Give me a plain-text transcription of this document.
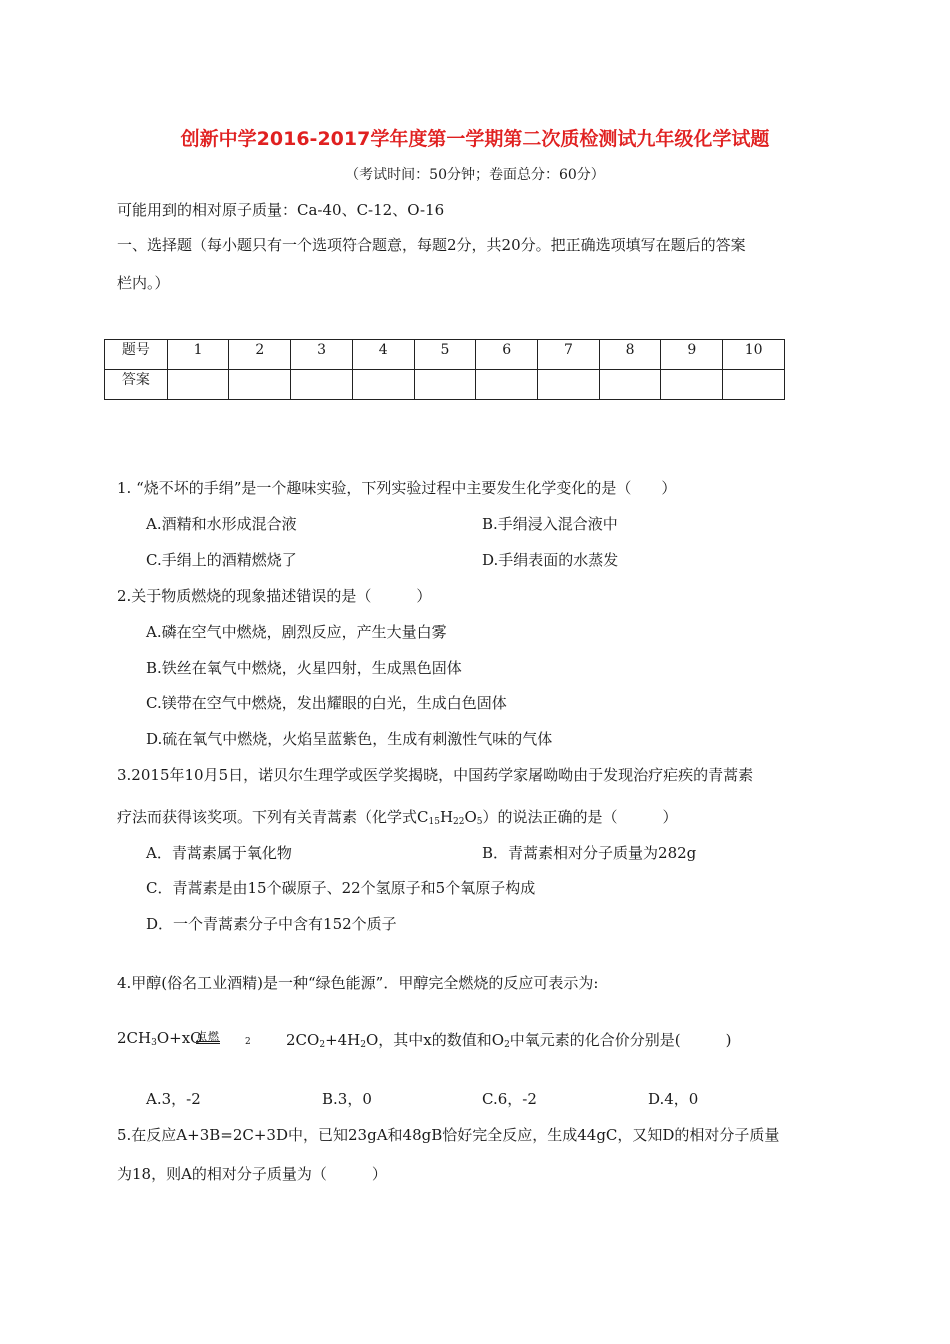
创新中学2016-2017学年度第一学期第二次质检测试九年级化学试题
（考试时间：50分钟；卷面总分：60分）
可能用到的相对原子质量：Ca-40、C-12、O-16
一、选择题（每小题只有一个选项符合题意，每题2分，共20分。把正确选项填写在题后的答案
栏内。）
题号	1	2	3	4	5	6	7	8	9	10
答案										
1. “烧不坏的手绢”是一个趣味实验，下列实验过程中主要发生化学变化的是（　　）
A.酒精和水形成混合液	B.手绢浸入混合液中
C.手绢上的酒精燃烧了	D.手绢表面的水蒸发
2.关于物质燃烧的现象描述错误的是（　　　）
A.磷在空气中燃烧，剧烈反应，产生大量白雾
B.铁丝在氧气中燃烧，火星四射，生成黑色固体
C.镁带在空气中燃烧，发出耀眼的白光，生成白色固体
D.硫在氧气中燃烧，火焰呈蓝紫色，生成有刺激性气味的气体
3.2015年10月5日，诺贝尔生理学或医学奖揭晓，中国药学家屠呦呦由于发现治疗疟疾的青蒿素
疗法而获得该奖项。下列有关青蒿素（化学式$C_{15}H_{22}O_5$）的说法正确的是（　　　）
A．青蒿素属于氧化物	B．青蒿素相对分子质量为282g
C．青蒿素是由15个碳原子、22个氢原子和5个氧原子构成
D．一个青蒿素分子中含有152个质子
4.甲醇(俗名工业酒精)是一种“绿色能源”．甲醇完全燃烧的反应可表示为:
$2CH_3O+xO$
点燃	2 $2CO_2+4H_2O$，其中x的数值和$O_2$中氧元素的化合价分别是(　　　)
A.3，-2	B.3，0	C.6，-2	D.4，0
5.在反应A+3B=2C+3D中，已知23gA和48gB恰好完全反应，生成44gC，又知D的相对分子质量
为18，则A的相对分子质量为（　　　）
